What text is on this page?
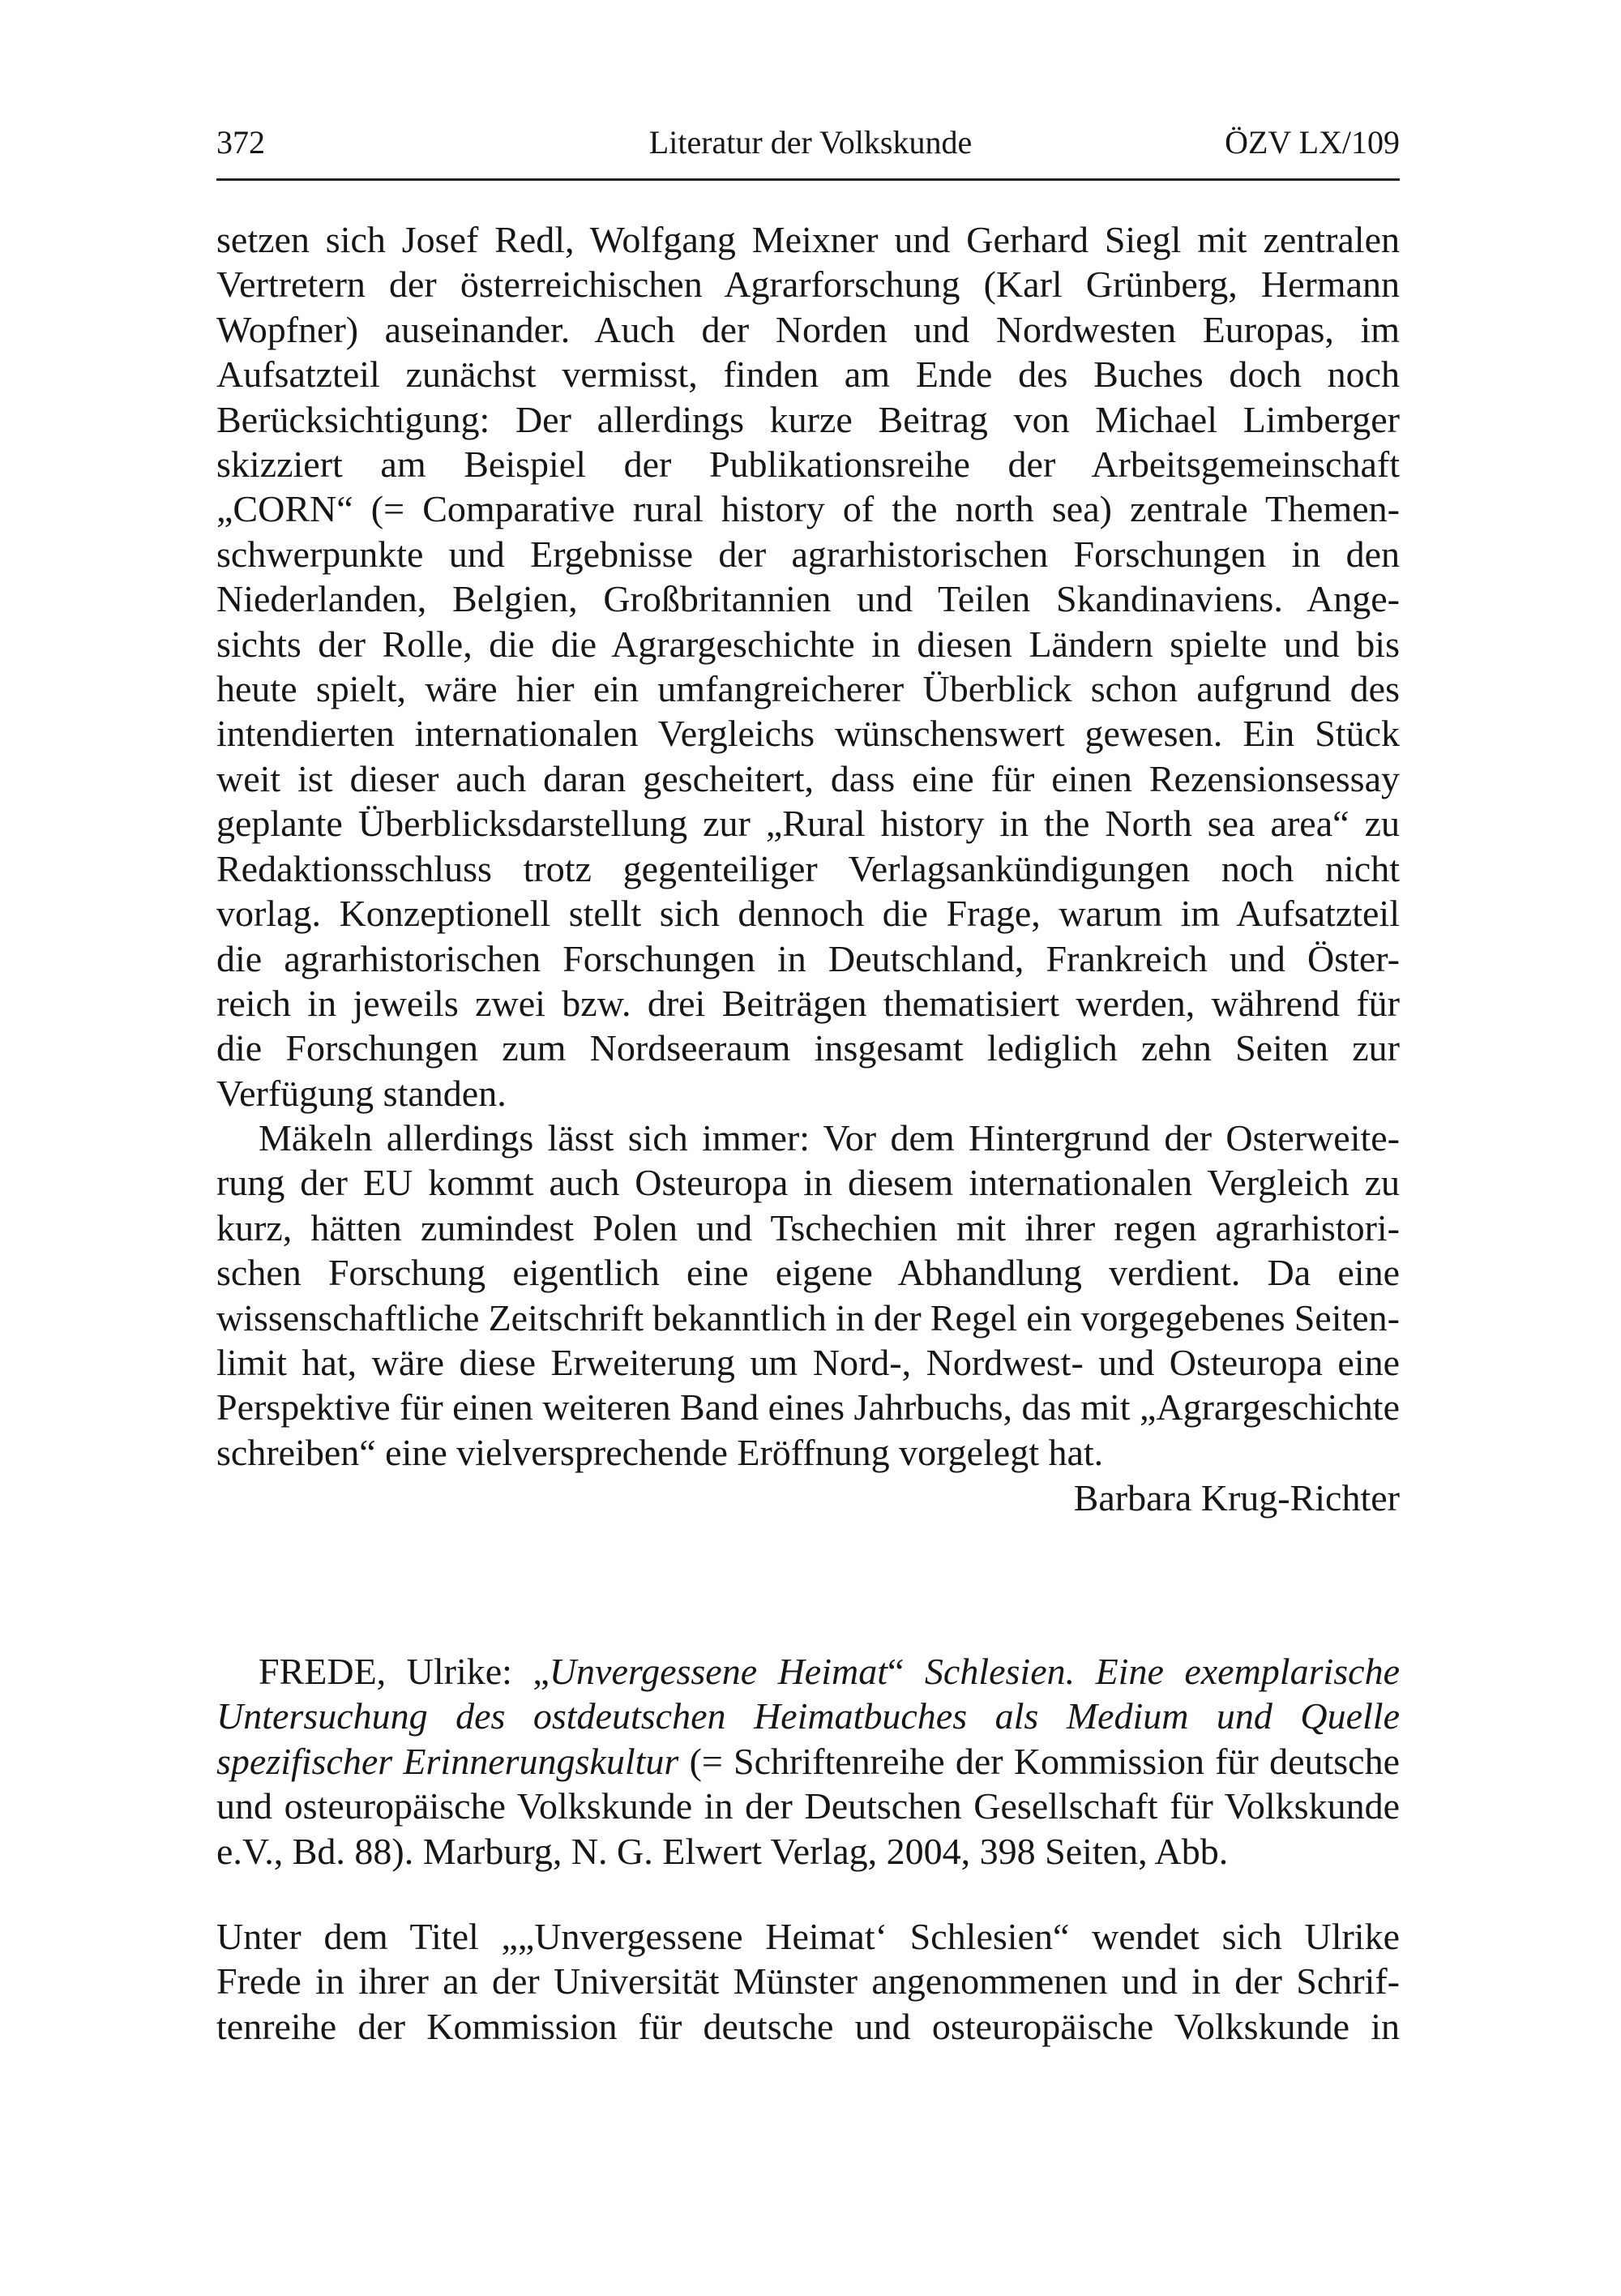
372	Literatur der Volkskunde	ÖZV LX/109
setzen sich Josef Redl, Wolfgang Meixner und Gerhard Siegl mit zentralen
Vertretern der österreichischen Agrarforschung (Karl Grünberg, Hermann
Wopfner) auseinander. Auch der Norden und Nordwesten Europas, im
Aufsatzteil zunächst vermisst, finden am Ende des Buches doch noch
Berücksichtigung: Der allerdings kurze Beitrag von Michael Limberger
skizziert am Beispiel der Publikationsreihe der Arbeitsgemeinschaft
„CORN“ (= Comparative rural history of the north sea) zentrale Themen-
schwerpunkte und Ergebnisse der agrarhistorischen Forschungen in den
Niederlanden, Belgien, Großbritannien und Teilen Skandinaviens. Ange-
sichts der Rolle, die die Agrargeschichte in diesen Ländern spielte und bis
heute spielt, wäre hier ein umfangreicherer Überblick schon aufgrund des
intendierten internationalen Vergleichs wünschenswert gewesen. Ein Stück
weit ist dieser auch daran gescheitert, dass eine für einen Rezensionsessay
geplante Überblicksdarstellung zur „Rural history in the North sea area“ zu
Redaktionsschluss trotz gegenteiliger Verlagsankündigungen noch nicht
vorlag. Konzeptionell stellt sich dennoch die Frage, warum im Aufsatzteil
die agrarhistorischen Forschungen in Deutschland, Frankreich und Öster-
reich in jeweils zwei bzw. drei Beiträgen thematisiert werden, während für
die Forschungen zum Nordseeraum insgesamt lediglich zehn Seiten zur
Verfügung standen.
Mäkeln allerdings lässt sich immer: Vor dem Hintergrund der Osterweite-
rung der EU kommt auch Osteuropa in diesem internationalen Vergleich zu
kurz, hätten zumindest Polen und Tschechien mit ihrer regen agrarhistori-
schen Forschung eigentlich eine eigene Abhandlung verdient. Da eine
wissenschaftliche Zeitschrift bekanntlich in der Regel ein vorgegebenes Seiten-
limit hat, wäre diese Erweiterung um Nord-, Nordwest- und Osteuropa eine
Perspektive für einen weiteren Band eines Jahrbuchs, das mit „Agrargeschichte
schreiben“ eine vielversprechende Eröffnung vorgelegt hat.
Barbara Krug-Richter
FREDE, Ulrike: „Unvergessene Heimat“ Schlesien. Eine exemplarische
Untersuchung des ostdeutschen Heimatbuches als Medium und Quelle
spezifischer Erinnerungskultur (= Schriftenreihe der Kommission für deutsche
und osteuropäische Volkskunde in der Deutschen Gesellschaft für Volkskunde
e.V., Bd. 88). Marburg, N. G. Elwert Verlag, 2004, 398 Seiten, Abb.
Unter dem Titel „„Unvergessene Heimat‘ Schlesien“ wendet sich Ulrike
Frede in ihrer an der Universität Münster angenommenen und in der Schrif-
tenreihe der Kommission für deutsche und osteuropäische Volkskunde in
